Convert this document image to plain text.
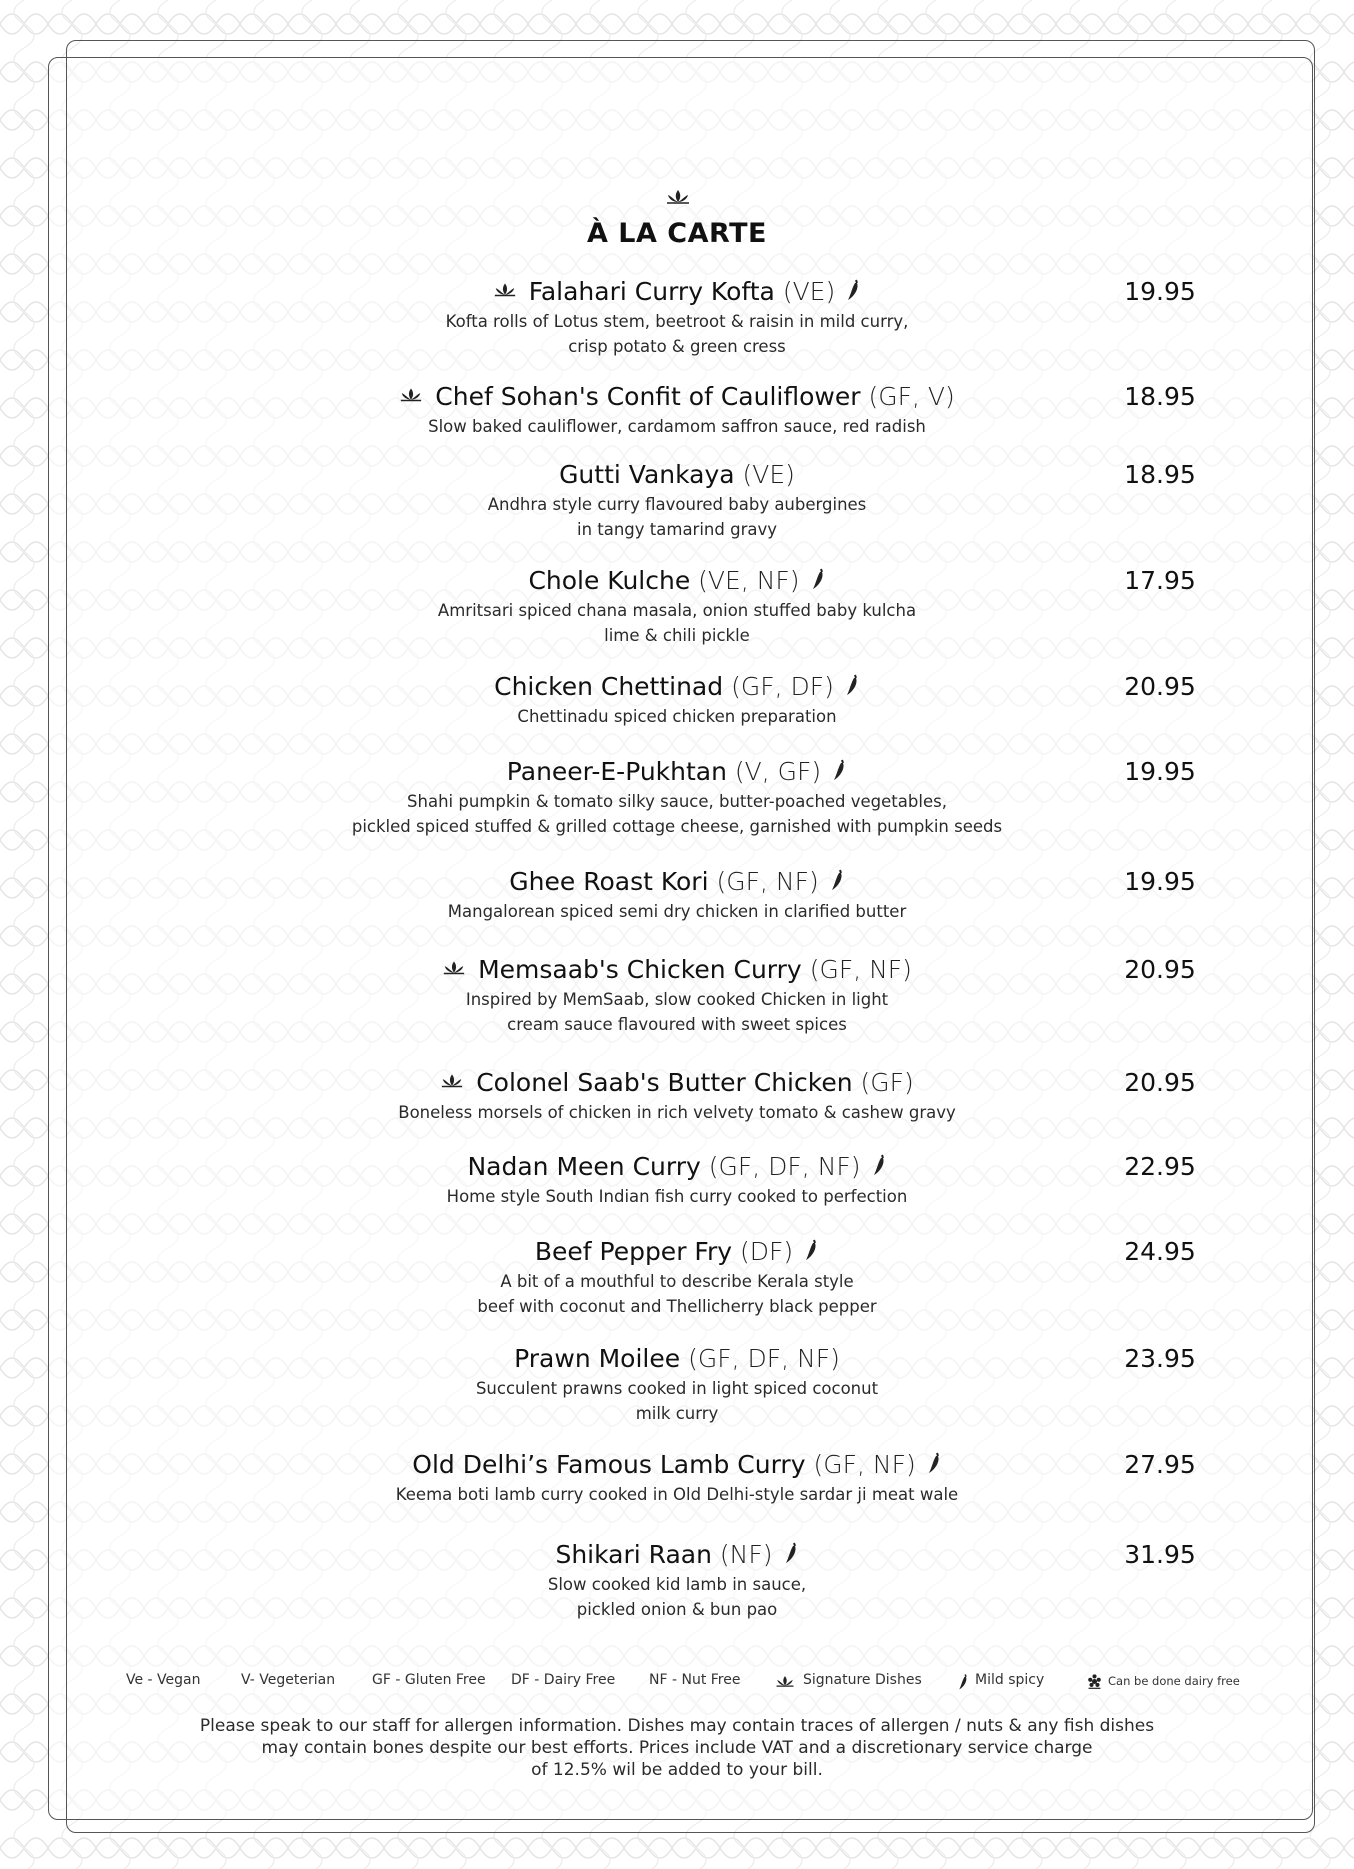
À LA CARTE
Falahari Curry Kofta (VE)	19.95
Kofta rolls of Lotus stem, beetroot & raisin in mild curry,
crisp potato & green cress
Chef Sohan's Confit of Cauliflower (GF, V)	18.95
Slow baked cauliflower, cardamom saffron sauce, red radish
Gutti Vankaya (VE)	18.95
Andhra style curry flavoured baby aubergines
in tangy tamarind gravy
Chole Kulche (VE, NF)	17.95
Amritsari spiced chana masala, onion stuffed baby kulcha
lime & chili pickle
Chicken Chettinad (GF, DF)	20.95
Chettinadu spiced chicken preparation
Paneer-E-Pukhtan (V, GF)	19.95
Shahi pumpkin & tomato silky sauce, butter-poached vegetables,
pickled spiced stuffed & grilled cottage cheese, garnished with pumpkin seeds
Ghee Roast Kori (GF, NF)	19.95
Mangalorean spiced semi dry chicken in clarified butter
Memsaab's Chicken Curry (GF, NF)	20.95
Inspired by MemSaab, slow cooked Chicken in light
cream sauce flavoured with sweet spices
Colonel Saab's Butter Chicken (GF)	20.95
Boneless morsels of chicken in rich velvety tomato & cashew gravy
Nadan Meen Curry (GF, DF, NF)	22.95
Home style South Indian fish curry cooked to perfection
Beef Pepper Fry (DF)	24.95
A bit of a mouthful to describe Kerala style
beef with coconut and Thellicherry black pepper
Prawn Moilee (GF, DF, NF)	23.95
Succulent prawns cooked in light spiced coconut
milk curry
Old Delhi’s Famous Lamb Curry (GF, NF)	27.95
Keema boti lamb curry cooked in Old Delhi-style sardar ji meat wale
Shikari Raan (NF)	31.95
Slow cooked kid lamb in sauce,
pickled onion & bun pao
Ve - Vegan	V- Vegeterian	GF - Gluten Free DF - Dairy Free NF - Nut Free	Signature Dishes	Mild spicy	Can be done dairy free
Please speak to our staff for allergen information. Dishes may contain traces of allergen / nuts & any fish dishes
may contain bones despite our best efforts. Prices include VAT and a discretionary service charge
of 12.5% wil be added to your bill.
